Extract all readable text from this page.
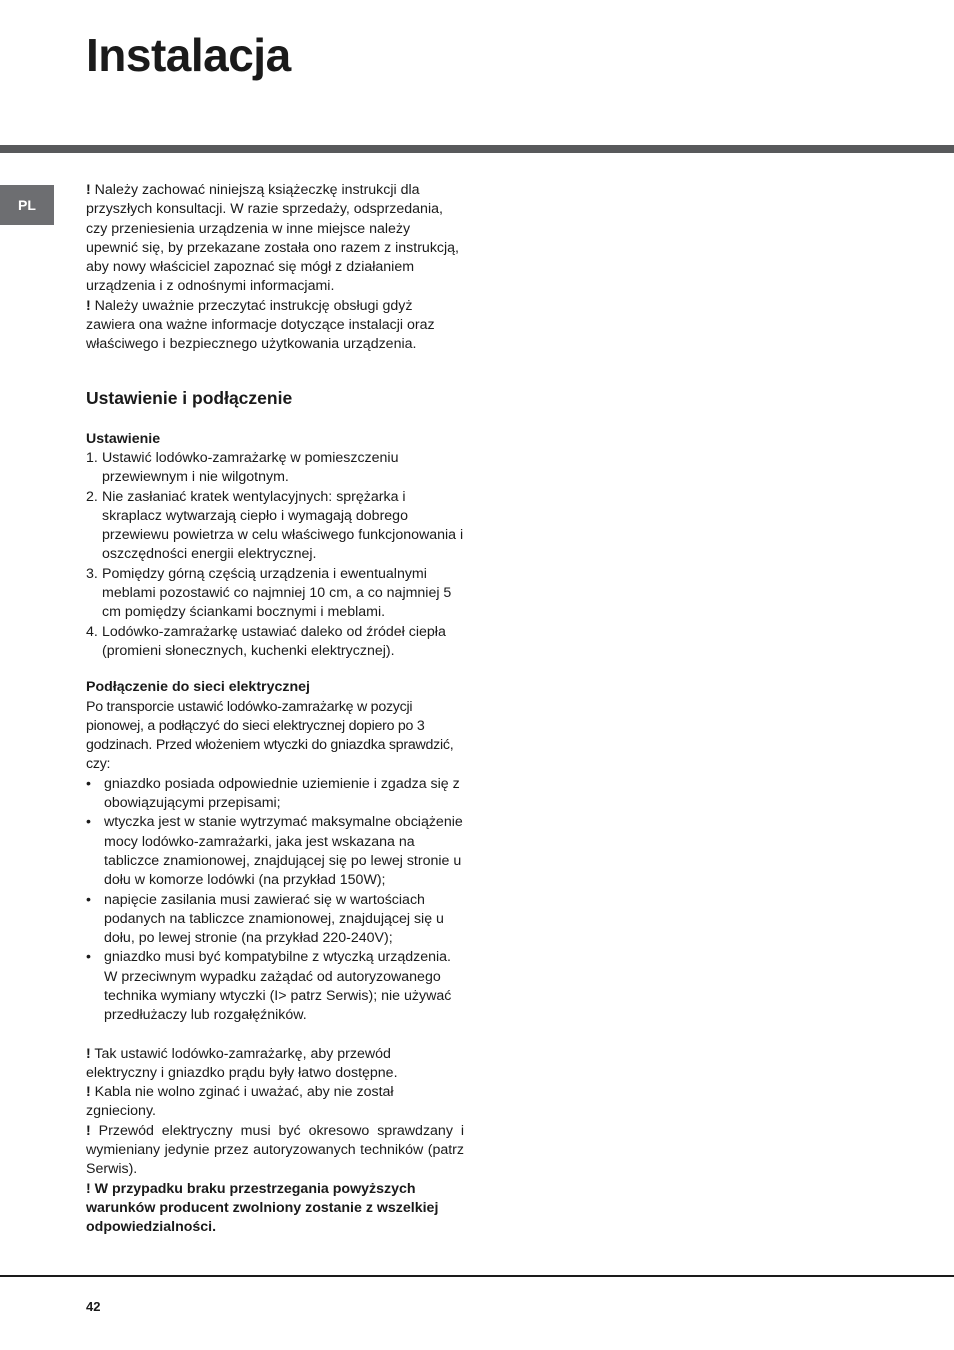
Instalacja
PL

! Należy zachować niniejszą książeczkę instrukcji dla przyszłych konsultacji. W razie sprzedaży, odsprzedania, czy przeniesienia urządzenia w inne miejsce należy upewnić się, by przekazane została ono razem z instrukcją, aby nowy właściciel zapoznać się mógł z działaniem urządzenia i z odnośnymi informacjami.

! Należy uważnie przeczytać instrukcję obsługi gdyż zawiera ona ważne informacje dotyczące instalacji oraz właściwego i bezpiecznego użytkowania urządzenia.

Ustawienie i podłączenie

Ustawienie

1. Ustawić lodówko-zamrażarkę w pomieszczeniu przewiewnym i nie wilgotnym.
2. Nie zasłaniać kratek wentylacyjnych: sprężarka i skraplacz wytwarzają ciepło i wymagają dobrego przewiewu powietrza w celu właściwego funkcjonowania i oszczędności energii elektrycznej.
3. Pomiędzy górną częścią urządzenia i ewentualnymi meblami pozostawić co najmniej 10 cm, a co najmniej 5 cm pomiędzy ściankami bocznymi i meblami.
4. Lodówko-zamrażarkę ustawiać daleko od źródeł ciepła (promieni słonecznych, kuchenki elektrycznej).

Podłączenie do sieci elektrycznej

Po transporcie ustawić lodówko-zamrażarkę w pozycji pionowej, a podłączyć do sieci elektrycznej dopiero po 3 godzinach. Przed włożeniem wtyczki do gniazdka sprawdzić, czy:

• gniazdko posiada odpowiednie uziemienie i zgadza się z obowiązującymi przepisami;
• wtyczka jest w stanie wytrzymać maksymalne obciążenie mocy lodówko-zamrażarki, jaka jest wskazana na tabliczce znamionowej, znajdującej się po lewej stronie u dołu w komorze lodówki (na przykład 150W);
• napięcie zasilania musi zawierać się w wartościach podanych na tabliczce znamionowej, znajdującej się u dołu, po lewej stronie (na przykład 220-240V);
• gniazdko musi być kompatybilne z wtyczką urządzenia. W przeciwnym wypadku zażądać od autoryzowanego technika wymiany wtyczki (I> patrz Serwis); nie używać przedłużaczy lub rozgałęźników.

! Tak ustawić lodówko-zamrażarkę, aby przewód elektryczny i gniazdko prądu były łatwo dostępne.

! Kabla nie wolno zginać i uważać, aby nie został zgnieciony.

! Przewód elektryczny musi być okresowo sprawdzany i wymieniany jedynie przez autoryzowanych techników (patrz Serwis).

! W przypadku braku przestrzegania powyższych warunków producent zwolniony zostanie z wszelkiej odpowiedzialności.

42
